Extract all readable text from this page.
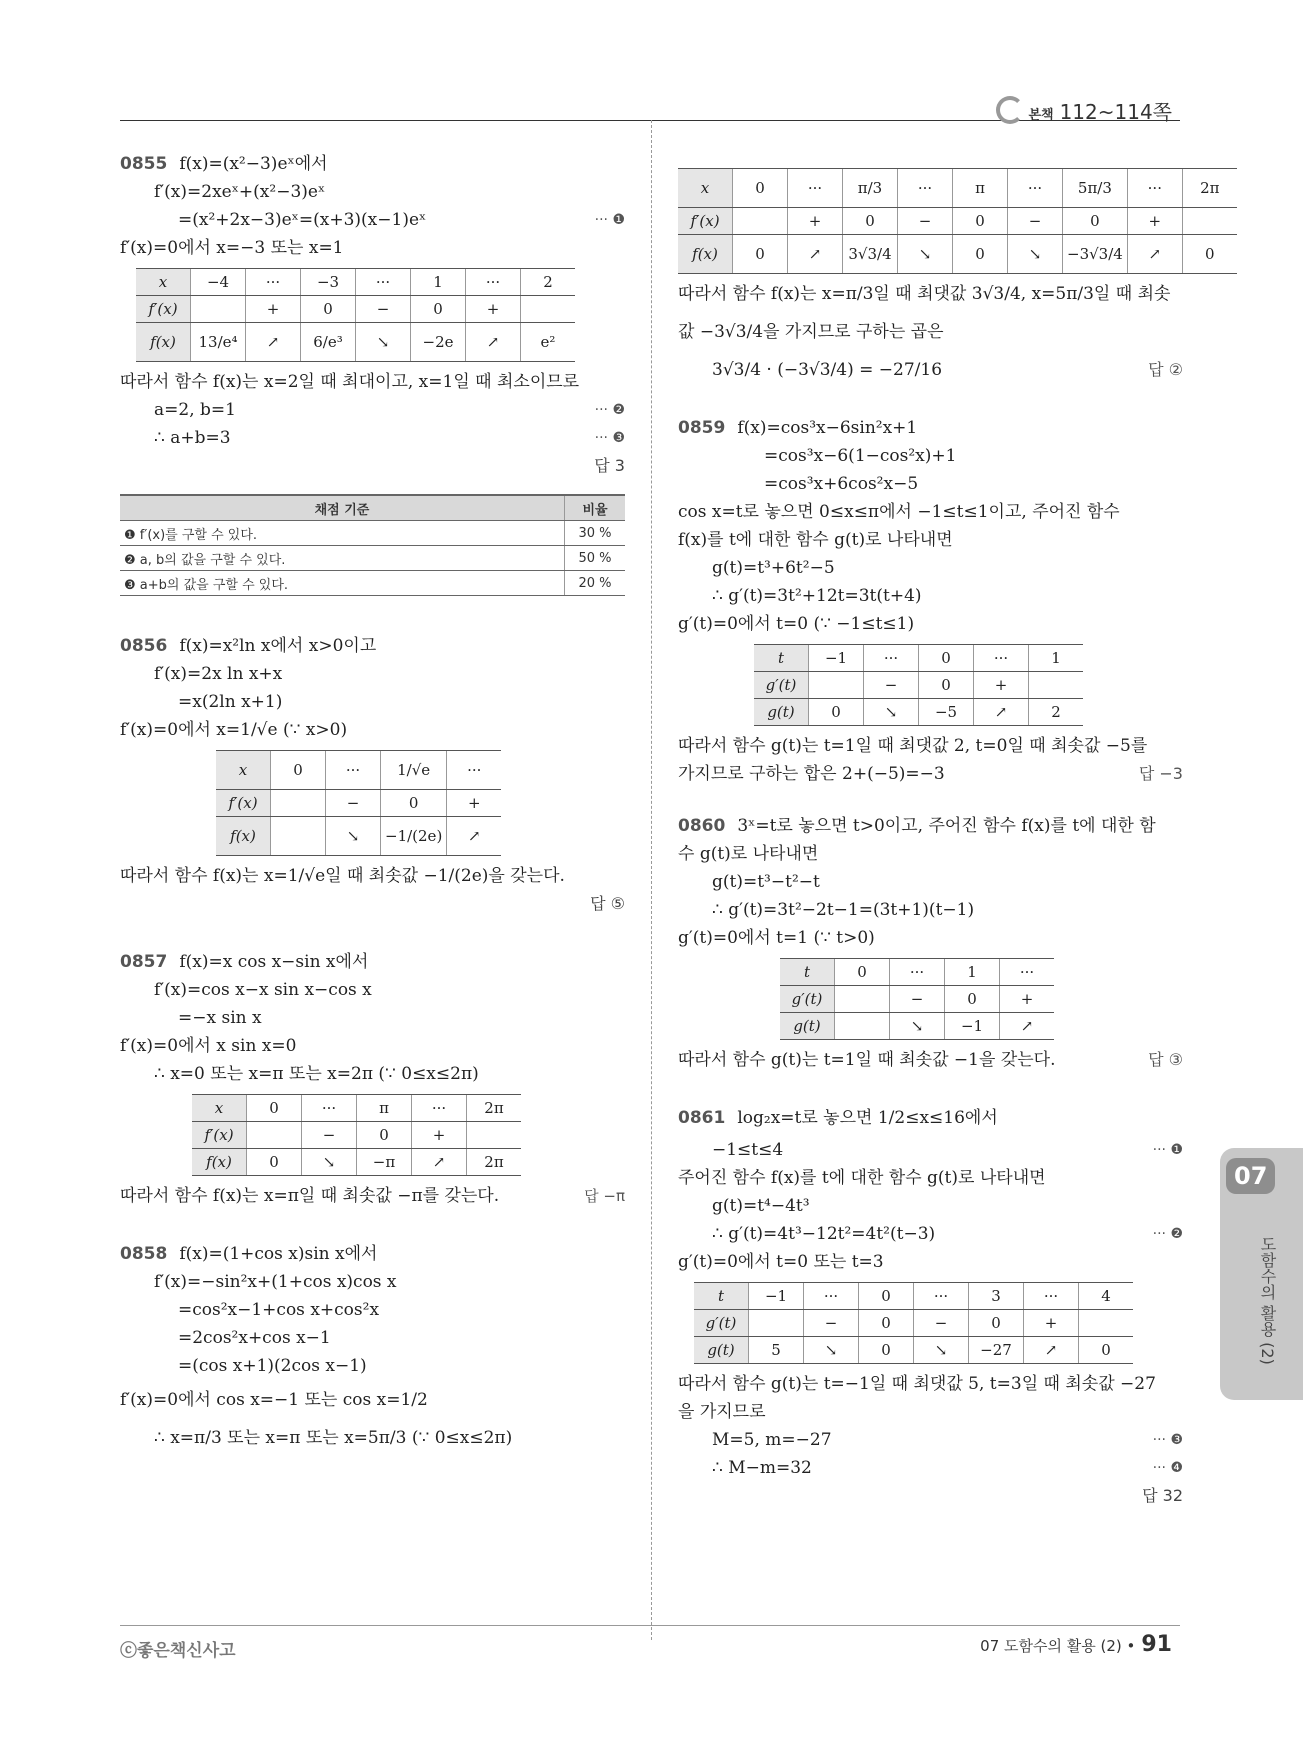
본책 112~114쪽
0855 f(x)=(x²−3)eˣ에서
f′(x)=2xeˣ+(x²−3)eˣ
=(x²+2x−3)eˣ=(x+3)(x−1)eˣ	··· ❶
f′(x)=0에서 x=−3 또는 x=1
x	−4	···	−3	···	1	···	2
f′(x)		+	0	−	0	+	
f(x)	13/e⁴	↗	6/e³	↘	−2e	↗	e²
따라서 함수 f(x)는 x=2일 때 최대이고, x=1일 때 최소이므로
a=2, b=1	··· ❷
∴ a+b=3	··· ❸
답 3
채점 기준	비율
❶ f′(x)를 구할 수 있다.	30 %
❷ a, b의 값을 구할 수 있다.	50 %
❸ a+b의 값을 구할 수 있다.	20 %
0856 f(x)=x²ln x에서 x>0이고
f′(x)=2x ln x+x
=x(2ln x+1)
f′(x)=0에서 x=1/√e (∵ x>0)
x	0	···	1/√e	···
f′(x)		−	0	+
f(x)		↘	−1/(2e)	↗
따라서 함수 f(x)는 x=1/√e일 때 최솟값 −1/(2e)을 갖는다.
답 ⑤
0857 f(x)=x cos x−sin x에서
f′(x)=cos x−x sin x−cos x
=−x sin x
f′(x)=0에서 x sin x=0
∴ x=0 또는 x=π 또는 x=2π (∵ 0≤x≤2π)
x	0	···	π	···	2π
f′(x)		−	0	+	
f(x)	0	↘	−π	↗	2π
따라서 함수 f(x)는 x=π일 때 최솟값 −π를 갖는다.	답 −π
0858 f(x)=(1+cos x)sin x에서
f′(x)=−sin²x+(1+cos x)cos x
=cos²x−1+cos x+cos²x
=2cos²x+cos x−1
=(cos x+1)(2cos x−1)
f′(x)=0에서 cos x=−1 또는 cos x=1/2
∴ x=π/3 또는 x=π 또는 x=5π/3 (∵ 0≤x≤2π)
x	0	···	π/3	···	π	···	5π/3	···	2π
f′(x)		+	0	−	0	−	0	+	
f(x)	0	↗	3√3/4	↘	0	↘	−3√3/4	↗	0
따라서 함수 f(x)는 x=π/3일 때 최댓값 3√3/4, x=5π/3일 때 최솟
값 −3√3/4을 가지므로 구하는 곱은
3√3/4 · (−3√3/4) = −27/16	답 ②
0859 f(x)=cos³x−6sin²x+1
=cos³x−6(1−cos²x)+1
=cos³x+6cos²x−5
cos x=t로 놓으면 0≤x≤π에서 −1≤t≤1이고, 주어진 함수
f(x)를 t에 대한 함수 g(t)로 나타내면
g(t)=t³+6t²−5
∴ g′(t)=3t²+12t=3t(t+4)
g′(t)=0에서 t=0 (∵ −1≤t≤1)
t	−1	···	0	···	1
g′(t)		−	0	+	
g(t)	0	↘	−5	↗	2
따라서 함수 g(t)는 t=1일 때 최댓값 2, t=0일 때 최솟값 −5를
가지므로 구하는 합은 2+(−5)=−3	답 −3
0860 3ˣ=t로 놓으면 t>0이고, 주어진 함수 f(x)를 t에 대한 함
수 g(t)로 나타내면
g(t)=t³−t²−t
∴ g′(t)=3t²−2t−1=(3t+1)(t−1)
g′(t)=0에서 t=1 (∵ t>0)
t	0	···	1	···
g′(t)		−	0	+
g(t)		↘	−1	↗
따라서 함수 g(t)는 t=1일 때 최솟값 −1을 갖는다.	답 ③
0861 log₂x=t로 놓으면 1/2≤x≤16에서
−1≤t≤4	··· ❶
주어진 함수 f(x)를 t에 대한 함수 g(t)로 나타내면
g(t)=t⁴−4t³
∴ g′(t)=4t³−12t²=4t²(t−3)	··· ❷
g′(t)=0에서 t=0 또는 t=3
t	−1	···	0	···	3	···	4
g′(t)		−	0	−	0	+	
g(t)	5	↘	0	↘	−27	↗	0
따라서 함수 g(t)는 t=−1일 때 최댓값 5, t=3일 때 최솟값 −27
을 가지므로
M=5, m=−27	··· ❸
∴ M−m=32	··· ❹
답 32
07
도함수의 활용 (2)
ⓒ좋은책신사고	07 도함수의 활용 (2) • 91
